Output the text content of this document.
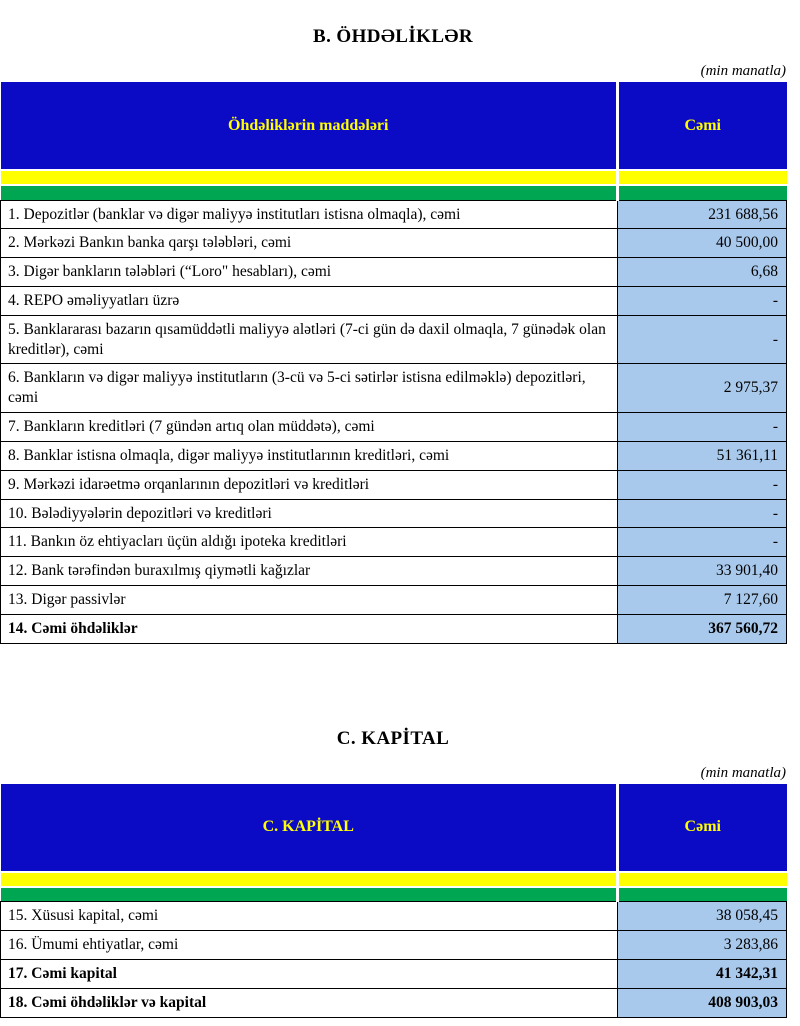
B. ÖHDƏLİKLƏR
(min manatla)
Öhdəliklərin maddələri	Cəmi

1. Depozitlər (banklar və digər maliyyə institutları istisna olmaqla), cəmi	231 688,56
2. Mərkəzi Bankın banka qarşı tələbləri, cəmi	40 500,00
3. Digər bankların tələbləri (“Loro" hesabları), cəmi	6,68
4. REPO əməliyyatları üzrə	-
5. Banklararası bazarın qısamüddətli maliyyə alətləri (7-ci gün də daxil olmaqla, 7 günədək olan kreditlər), cəmi	-
6. Bankların və digər maliyyə institutların (3-cü və 5-ci sətirlər istisna edilməklə) depozitləri, cəmi	2 975,37
7. Bankların kreditləri (7 gündən artıq olan müddətə), cəmi	-
8. Banklar istisna olmaqla, digər maliyyə institutlarının kreditləri, cəmi	51 361,11
9. Mərkəzi idarəetmə orqanlarının depozitləri və kreditləri	-
10. Bələdiyyələrin depozitləri və kreditləri	-
11. Bankın öz ehtiyacları üçün aldığı ipoteka kreditləri	-
12. Bank tərəfindən buraxılmış qiymətli kağızlar	33 901,40
13. Digər passivlər	7 127,60
14. Cəmi öhdəliklər	367 560,72
C. KAPİTAL
(min manatla)
C. KAPİTAL	Cəmi

15. Xüsusi kapital, cəmi	38 058,45
16. Ümumi ehtiyatlar, cəmi	3 283,86
17. Cəmi kapital	41 342,31
18. Cəmi öhdəliklər və kapital	408 903,03
